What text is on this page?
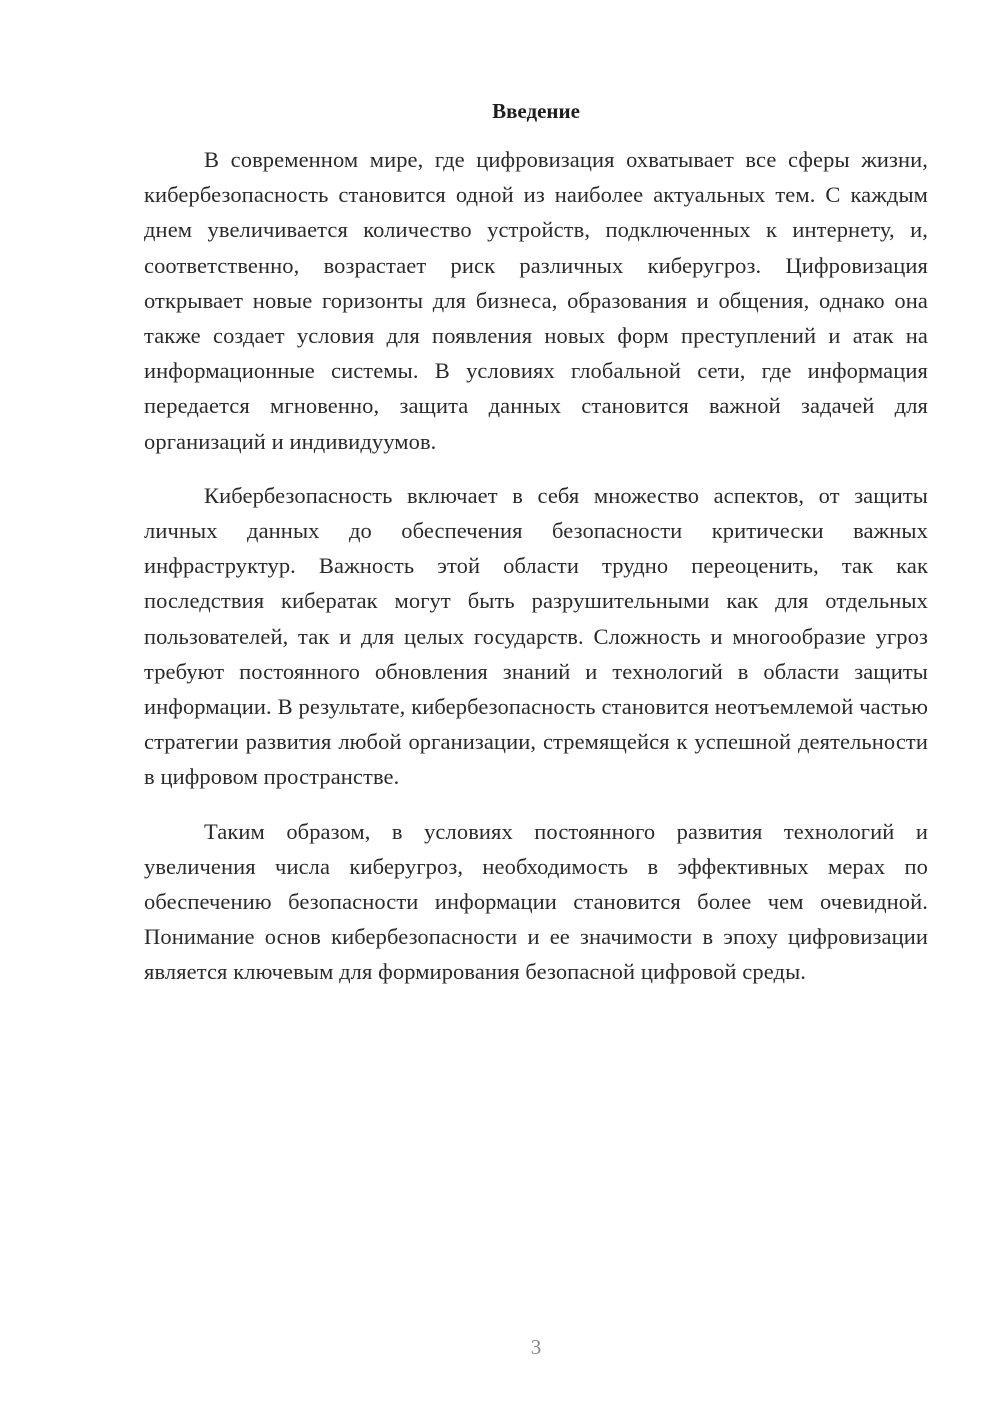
Введение

В современном мире, где цифровизация охватывает все сферы жизни, кибербезопасность становится одной из наиболее актуальных тем. С каждым днем увеличивается количество устройств, подключенных к интернету, и, соответственно, возрастает риск различных киберугроз. Цифровизация открывает новые горизонты для бизнеса, образования и общения, однако она также создает условия для появления новых форм преступлений и атак на информационные системы. В условиях глобальной сети, где информация передается мгновенно, защита данных становится важной задачей для организаций и индивидуумов.

Кибербезопасность включает в себя множество аспектов, от защиты личных данных до обеспечения безопасности критически важных инфраструктур. Важность этой области трудно переоценить, так как последствия кибератак могут быть разрушительными как для отдельных пользователей, так и для целых государств. Сложность и многообразие угроз требуют постоянного обновления знаний и технологий в области защиты информации. В результате, кибербезопасность становится неотъемлемой частью стратегии развития любой организации, стремящейся к успешной деятельности в цифровом пространстве.

Таким образом, в условиях постоянного развития технологий и увеличения числа киберугроз, необходимость в эффективных мерах по обеспечению безопасности информации становится более чем очевидной. Понимание основ кибербезопасности и ее значимости в эпоху цифровизации является ключевым для формирования безопасной цифровой среды.

3
